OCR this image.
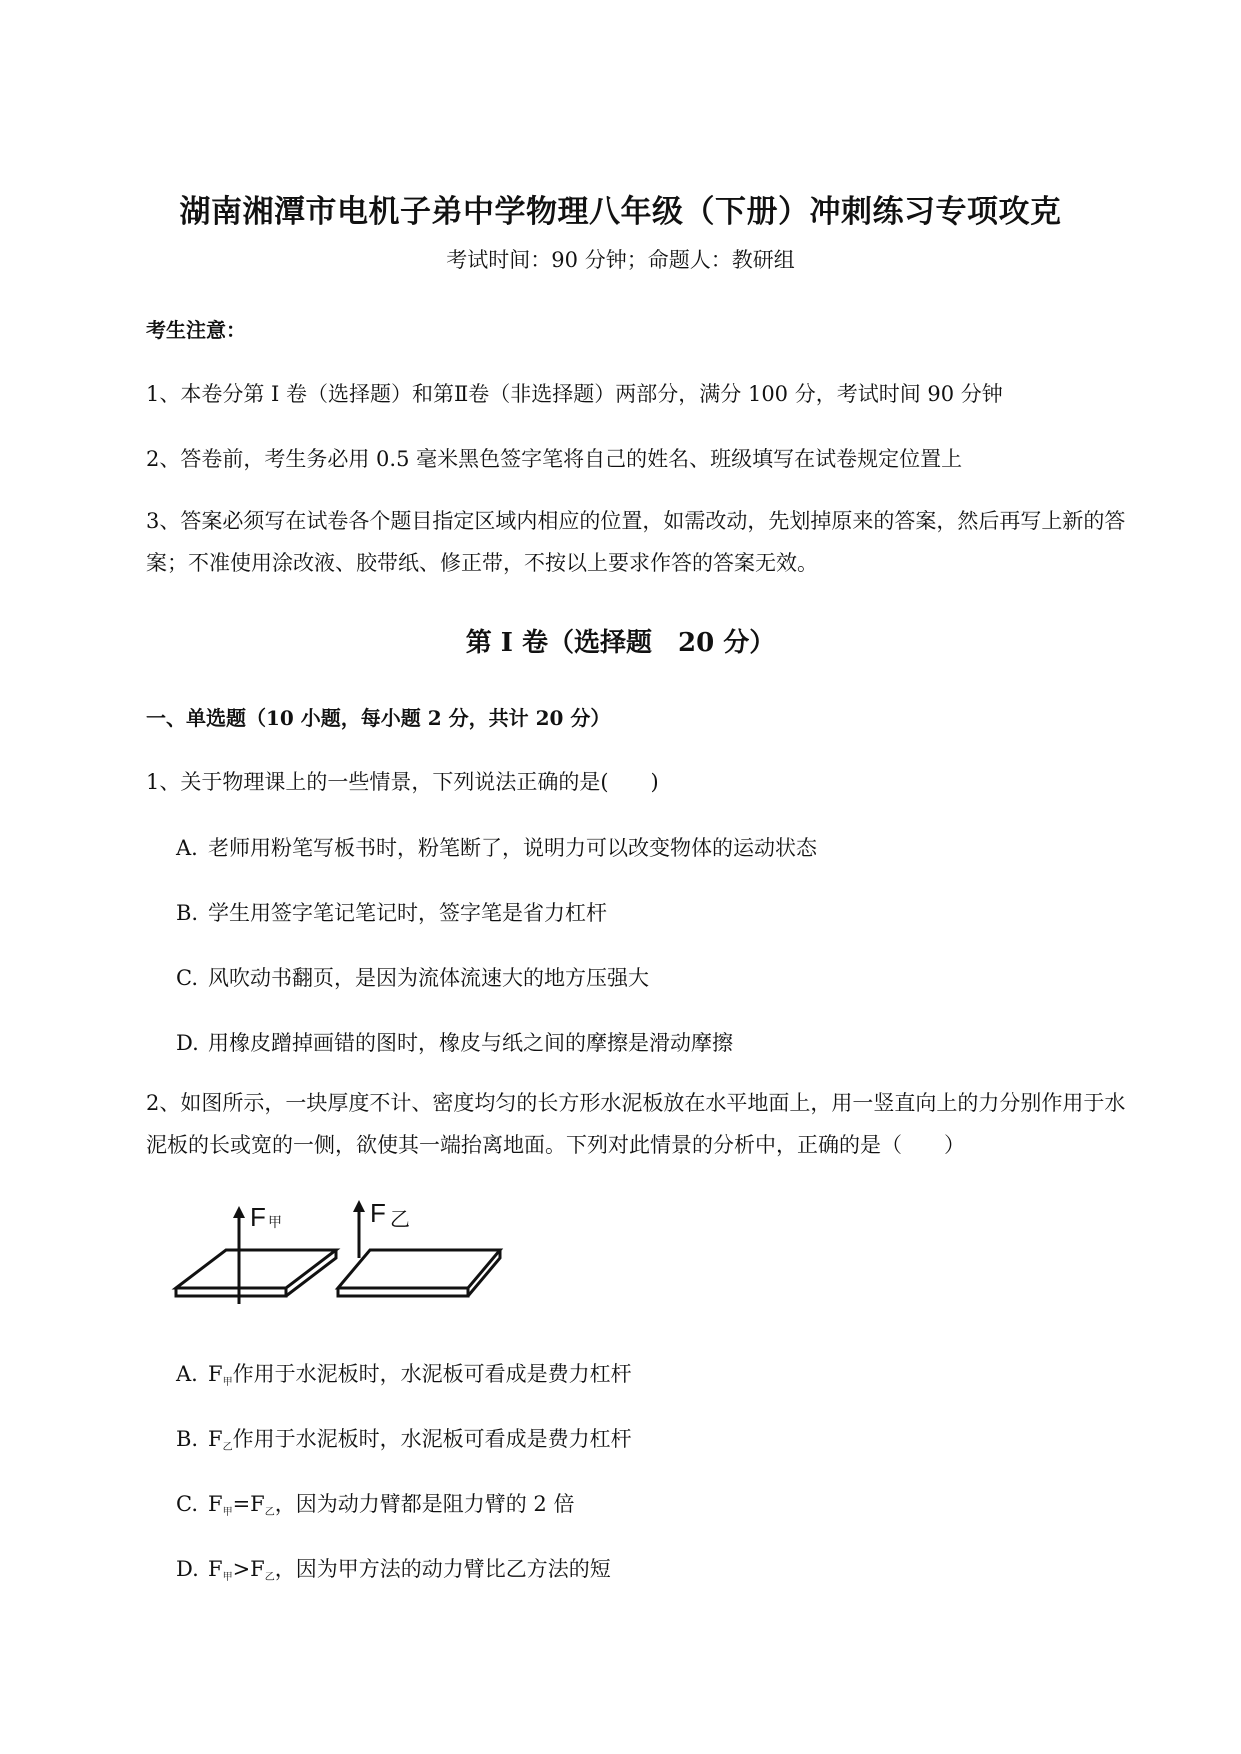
湖南湘潭市电机子弟中学物理八年级（下册）冲刺练习专项攻克
考试时间：90 分钟；命题人：教研组
考生注意：
1、本卷分第 I 卷（选择题）和第Ⅱ卷（非选择题）两部分，满分 100 分，考试时间 90 分钟
2、答卷前，考生务必用 0.5 毫米黑色签字笔将自己的姓名、班级填写在试卷规定位置上
3、答案必须写在试卷各个题目指定区域内相应的位置，如需改动，先划掉原来的答案，然后再写上新的答案；不准使用涂改液、胶带纸、修正带，不按以上要求作答的答案无效。
第 I 卷（选择题　20 分）
一、单选题（10 小题，每小题 2 分，共计 20 分）
1、关于物理课上的一些情景，下列说法正确的是(　　)
A. 老师用粉笔写板书时，粉笔断了，说明力可以改变物体的运动状态
B. 学生用签字笔记笔记时，签字笔是省力杠杆
C. 风吹动书翻页，是因为流体流速大的地方压强大
D. 用橡皮蹭掉画错的图时，橡皮与纸之间的摩擦是滑动摩擦
2、如图所示，一块厚度不计、密度均匀的长方形水泥板放在水平地面上，用一竖直向上的力分别作用于水泥板的长或宽的一侧，欲使其一端抬离地面。下列对此情景的分析中，正确的是（　　）
F 甲	F 乙
A. $F_甲$作用于水泥板时，水泥板可看成是费力杠杆
B. $F_乙$作用于水泥板时，水泥板可看成是费力杠杆
C. $F_甲=F_乙$，因为动力臂都是阻力臂的 2 倍
D. $F_甲>F_乙$，因为甲方法的动力臂比乙方法的短
